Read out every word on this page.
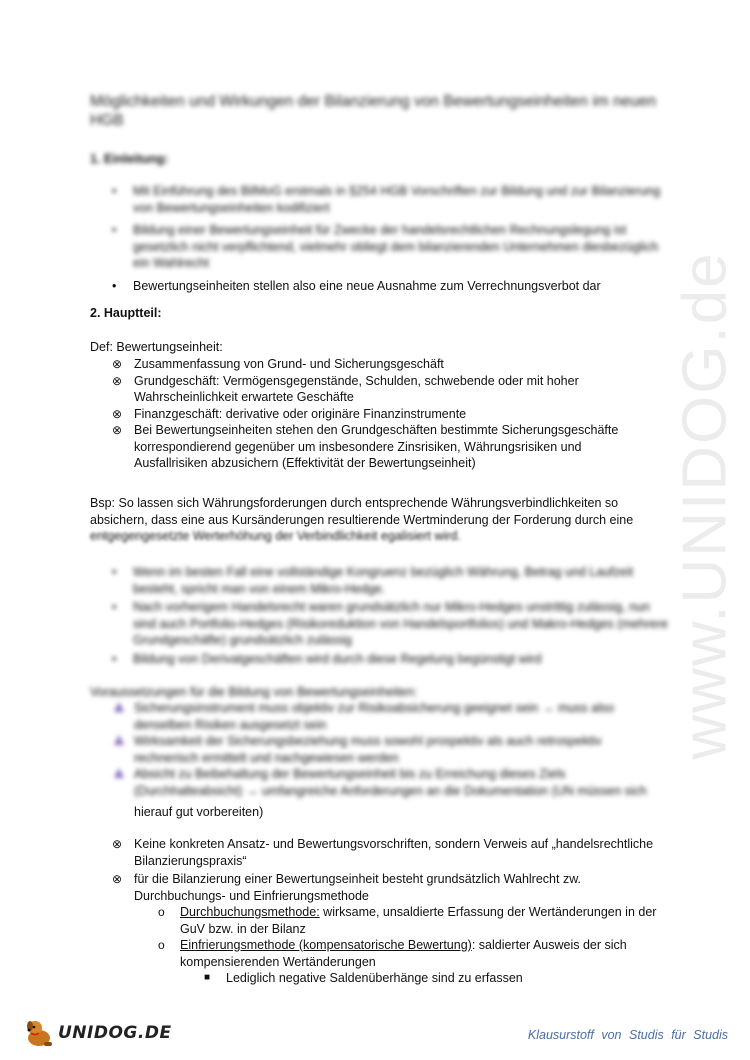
www.UNIDOG.de
Möglichkeiten und Wirkungen der Bilanzierung von Bewertungseinheiten im neuen HGB
1. Einleitung:
• Mit Einführung des BilMoG erstmals in §254 HGB Vorschriften zur Bildung und zur Bilanzierung von Bewertungseinheiten kodifiziert
• Bildung einer Bewertungseinheit für Zwecke der handelsrechtlichen Rechnungslegung ist gesetzlich nicht verpflichtend, vielmehr obliegt dem bilanzierenden Unternehmen diesbezüglich ein Wahlrecht
• Bewertungseinheiten stellen also eine neue Ausnahme zum Verrechnungsverbot dar
2. Hauptteil:
Def: Bewertungseinheit:
⊗ Zusammenfassung von Grund- und Sicherungsgeschäft
⊗ Grundgeschäft: Vermögensgegenstände, Schulden, schwebende oder mit hoher Wahrscheinlichkeit erwartete Geschäfte
⊗ Finanzgeschäft: derivative oder originäre Finanzinstrumente
⊗ Bei Bewertungseinheiten stehen den Grundgeschäften bestimmte Sicherungsgeschäfte korrespondierend gegenüber um insbesondere Zinsrisiken, Währungsrisiken und Ausfallrisiken abzusichern (Effektivität der Bewertungseinheit)
Bsp: So lassen sich Währungsforderungen durch entsprechende Währungsverbindlichkeiten so absichern, dass eine aus Kursänderungen resultierende Wertminderung der Forderung durch eine
entgegengesetzte Werterhöhung der Verbindlichkeit egalisiert wird.
• Wenn im besten Fall eine vollständige Kongruenz bezüglich Währung, Betrag und Laufzeit besteht, spricht man von einem Mikro-Hedge.
• Nach vorherigem Handelsrecht waren grundsätzlich nur Mikro-Hedges unstrittig zulässig, nun sind auch Portfolio-Hedges (Risikoreduktion von Handelsportfolios) und Makro-Hedges (mehrere Grundgeschäfte) grundsätzlich zulässig
• Bildung von Derivatgeschäften wird durch diese Regelung begünstigt wird
Voraussetzungen für die Bildung von Bewertungseinheiten:
Sicherungsinstrument muss objektiv zur Risikoabsicherung geeignet sein → muss also denselben Risiken ausgesetzt sein
Wirksamkeit der Sicherungsbeziehung muss sowohl prospektiv als auch retrospektiv rechnerisch ermittelt und nachgewiesen werden
Absicht zu Beibehaltung der Bewertungseinheit bis zu Erreichung dieses Ziels (Durchhalteabsicht) → umfangreiche Anforderungen an die Dokumentation (UN müssen sich
hierauf gut vorbereiten)
⊗ Keine konkreten Ansatz- und Bewertungsvorschriften, sondern Verweis auf „handelsrechtliche Bilanzierungspraxis“
⊗ für die Bilanzierung einer Bewertungseinheit besteht grundsätzlich Wahlrecht zw. Durchbuchungs- und Einfrierungsmethode
o Durchbuchungsmethode: wirksame, unsaldierte Erfassung der Wertänderungen in der GuV bzw. in der Bilanz
o Einfrierungsmethode (kompensatorische Bewertung): saldierter Ausweis der sich kompensierenden Wertänderungen
■ Lediglich negative Saldenüberhänge sind zu erfassen
UNIDOG.DE	Klausurstoff von Studis für Studis
